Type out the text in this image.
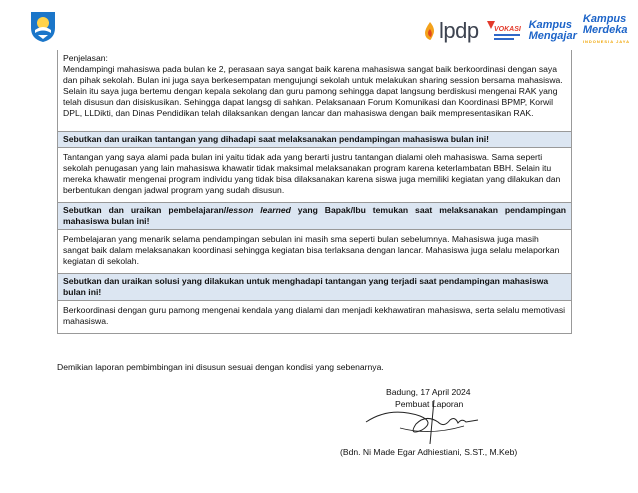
lpdp VOKASI Kampus
Mengajar
Kampus
Merdeka
INDONESIA JAYA
Penjelasan:
Mendampingi mahasiswa pada bulan ke 2, perasaan saya sangat baik karena mahasiswa sangat baik berkoordinasi dengan saya dan pihak sekolah. Bulan ini juga saya berkesempatan mengujungi sekolah untuk melakukan sharing session bersama mahasiswa. Selain itu saya juga bertemu dengan kepala sekolang dan guru pamong sehingga dapat langsung berdiskusi mengenai RAK yang telah disusun dan disiskusikan. Sehingga dapat langsg di sahkan. Pelaksanaan Forum Komunikasi dan Koordinasi BPMP, Korwil DPL, LLDikti, dan Dinas Pendidikan telah dilaksankan dengan lancar dan mahasiswa dengan baik mempresentasikan RAK.
Sebutkan dan uraikan tantangan yang dihadapi saat melaksanakan pendampingan mahasiswa bulan ini!
Tantangan yang saya alami pada bulan ini yaitu tidak ada yang berarti justru tantangan dialami oleh mahasiswa. Sama seperti sekolah penugasan yang lain mahasiswa khawatir tidak maksimal melaksanakan program karena keterlambatan BBH. Selain itu mereka khawatir mengenai program individu yang tidak bisa dilaksanakan karena siswa juga memiliki kegiatan yang dilakukan dan berbentukan dengan jadwal program yang sudah disusun.
Sebutkan dan uraikan pembelajaran/lesson learned yang Bapak/Ibu temukan saat melaksanakan pendampingan mahasiswa bulan ini!
Pembelajaran yang menarik selama pendampingan sebulan ini masih sma seperti bulan sebelumnya. Mahasiswa juga masih sangat baik dalam melaksanakan koordinasi sehingga kegiatan bisa terlaksana dengan lancar. Mahasiswa juga selalu melaporkan kegiatan di sekolah.
Sebutkan dan uraikan solusi yang dilakukan untuk menghadapi tantangan yang terjadi saat pendampingan mahasiswa bulan ini!
Berkoordinasi dengan guru pamong mengenai kendala yang dialami dan menjadi kekhawatiran mahasiswa, serta selalu memotivasi mahasiswa.
Demikian laporan pembimbingan ini disusun sesuai dengan kondisi yang sebenarnya.
Badung, 17 April 2024
Pembuat Laporan
(Bdn. Ni Made Egar Adhiestiani, S.ST., M.Keb)
